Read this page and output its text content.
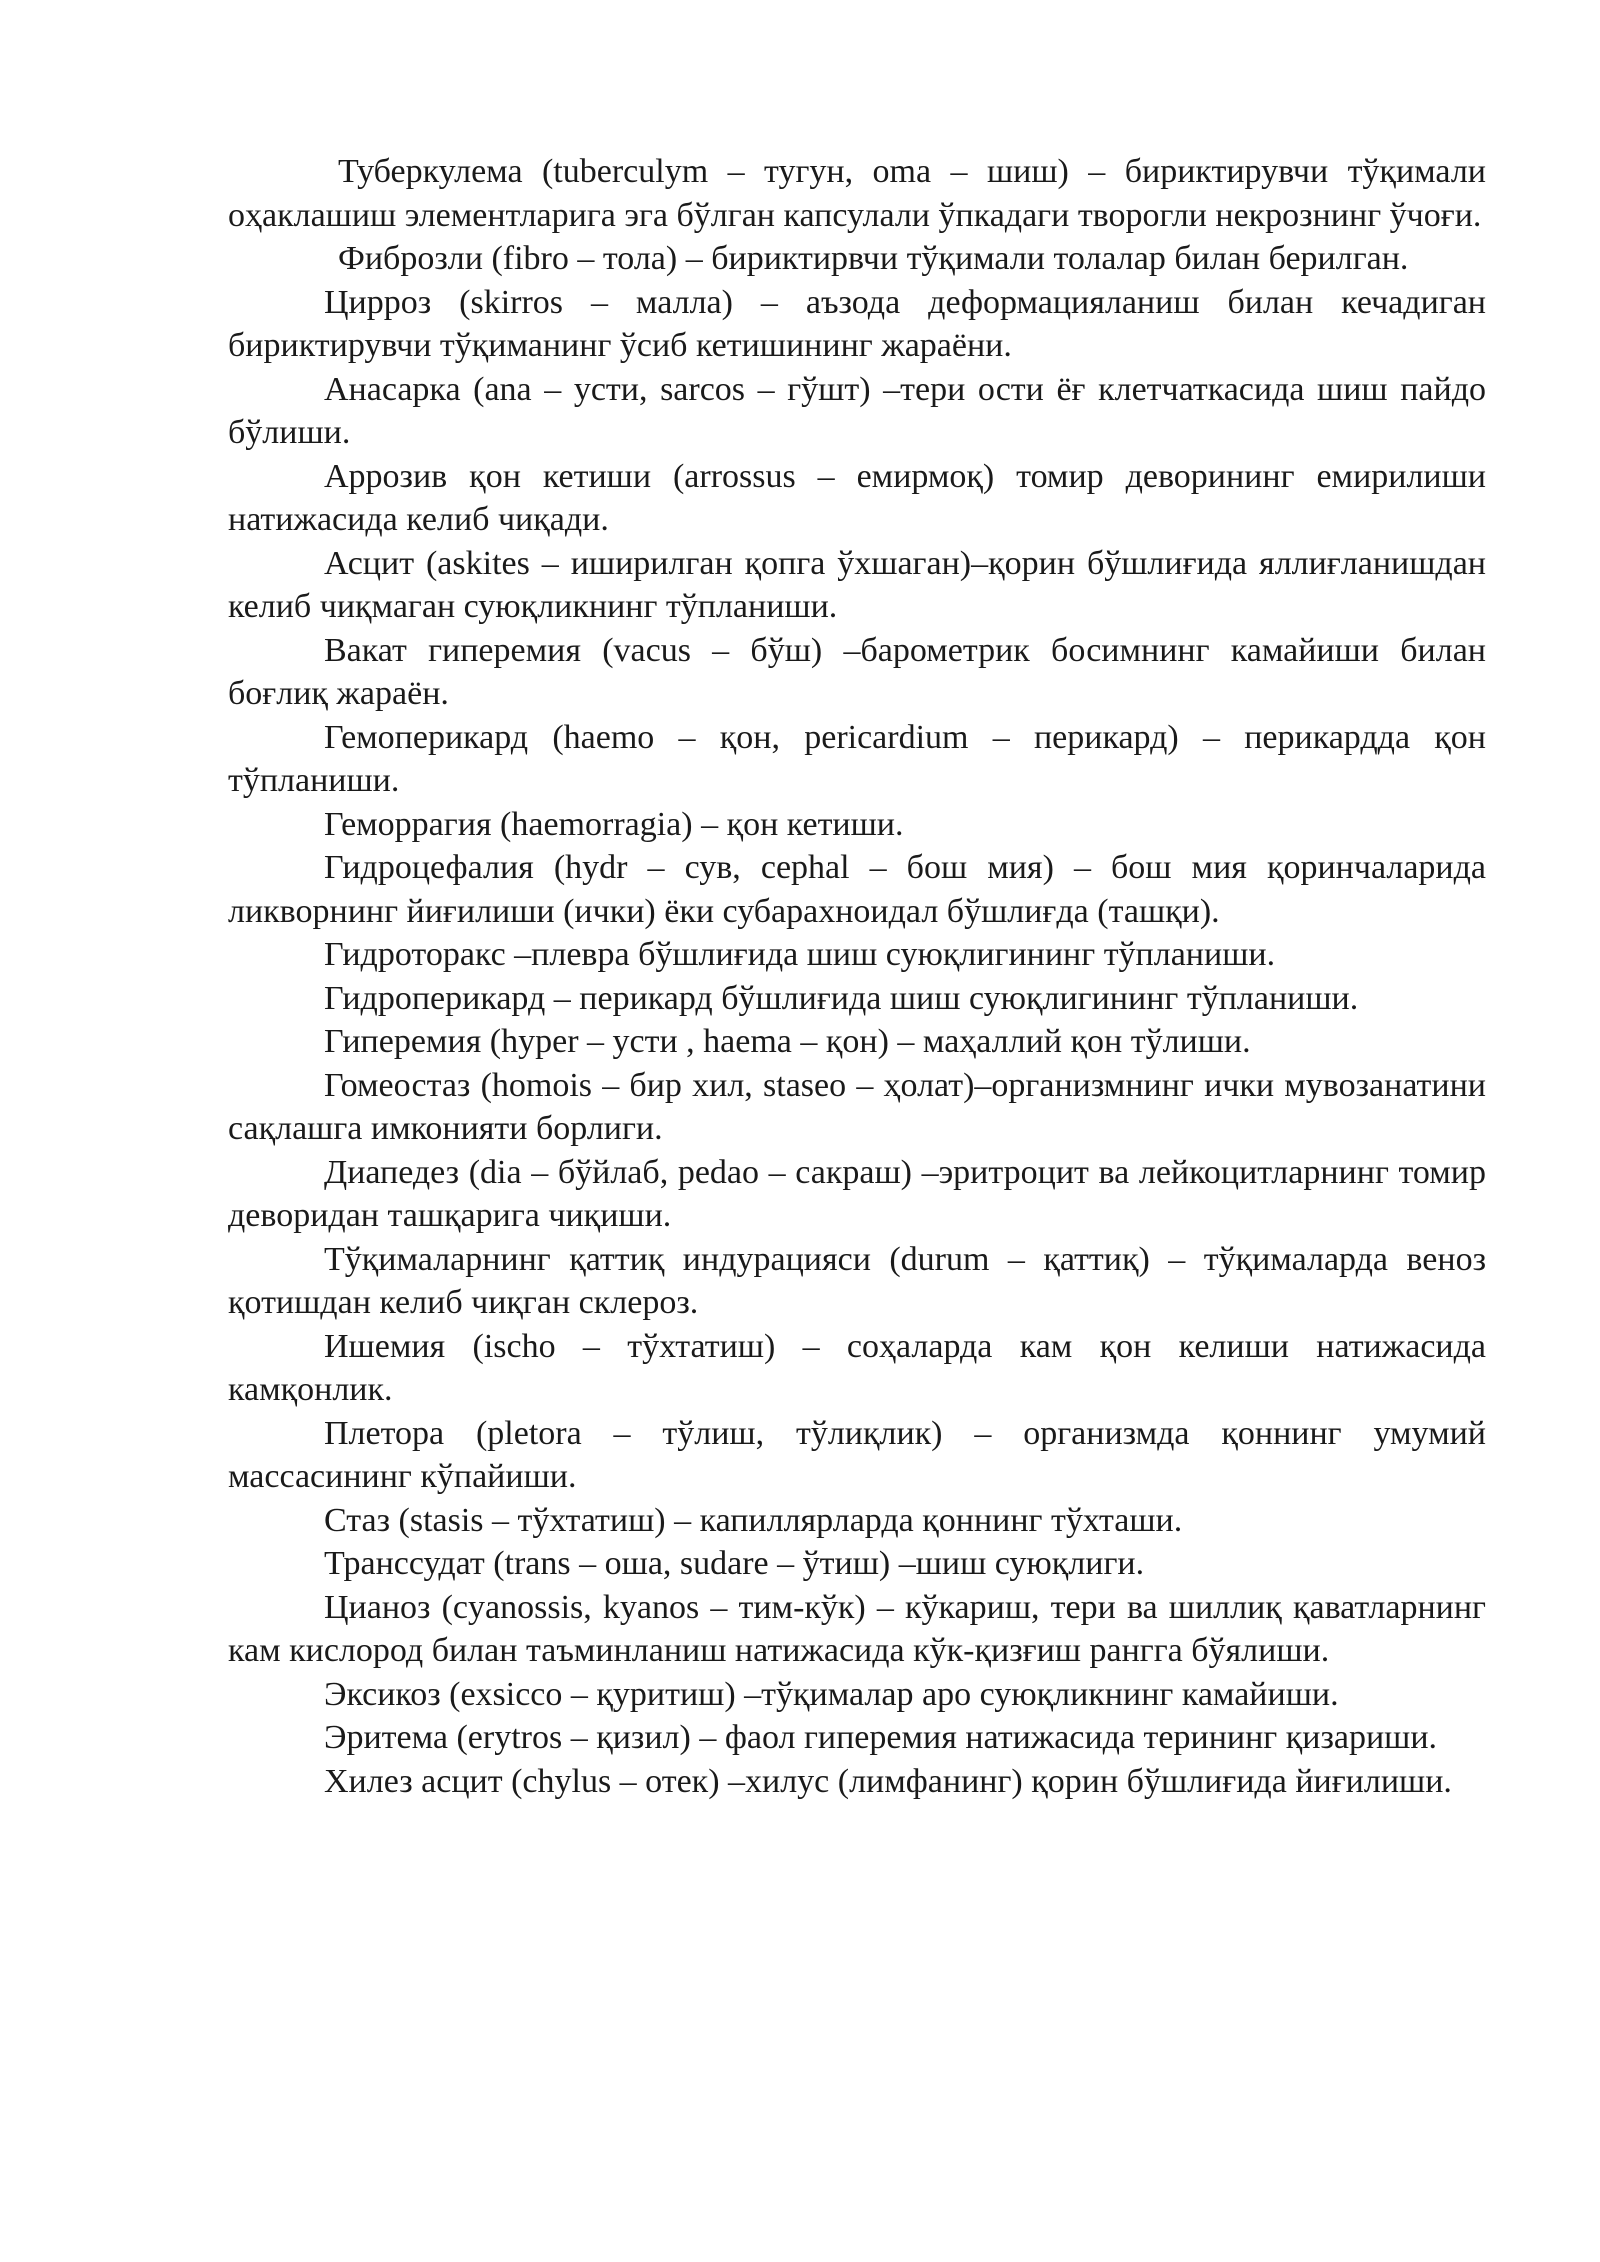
Туберкулема (tuberculym – тугун, oma – шиш) – бириктирувчи тўқимали оҳаклашиш элементларига эга бўлган капсулали ўпкадаги творогли некрознинг ўчоғи.

Фиброзли (fibro – тола) – бириктирвчи тўқимали толалар билан берилган.

Цирроз (skirros – малла) – аъзода деформацияланиш билан кечадиган бириктирувчи тўқиманинг ўсиб кетишининг жараёни.

Анасарка (ana – усти, sarcos – гўшт) –тери ости ёғ клетчаткасида шиш пайдо бўлиши.

Аррозив қон кетиши (arrossus – емирмоқ) томир деворининг емирилиши натижасида келиб чиқади.

Асцит (askites – иширилган қопга ўхшаган)–қорин бўшлиғида яллиғланишдан келиб чиқмаган суюқликнинг тўпланиши.

Вакат гиперемия (vacus – бўш) –барометрик босимнинг камайиши билан боғлиқ жараён.

Гемоперикард (haemo – қон, pericardium – перикард) – перикардда қон тўпланиши.

Геморрагия (haemorragia) – қон кетиши.

Гидроцефалия (hydr – сув, cephal – бош мия) – бош мия қоринчаларида ликворнинг йиғилиши (ички) ёки субарахноидал бўшлиғда (ташқи).

Гидроторакс –плевра бўшлиғида шиш суюқлигининг тўпланиши.

Гидроперикард – перикард бўшлиғида шиш суюқлигининг тўпланиши.

Гиперемия (hyper – усти , haema – қон) – маҳаллий қон тўлиши.

Гомеостаз (homois – бир хил, staseo – ҳолат)–организмнинг ички мувозанатини сақлашга имконияти борлиги.

Диапедез (dia – бўйлаб, pedao – сакраш) –эритроцит ва лейкоцитларнинг томир деворидан ташқарига чиқиши.

Тўқималарнинг қаттиқ индурацияси (durum – қаттиқ) – тўқималарда веноз қотишдан келиб чиқган склероз.

Ишемия (ischo – тўхтатиш) – соҳаларда кам қон келиши натижасида камқонлик.

Плетора (pletora – тўлиш, тўлиқлик) – организмда қоннинг умумий массасининг кўпайиши.

Стаз (stasis – тўхтатиш) – капиллярларда қоннинг тўхташи.

Транссудат (trans – оша, sudare – ўтиш) –шиш суюқлиги.

Цианоз (cyanossis, kyanos – тим-кўк) – кўкариш, тери ва шиллиқ қаватларнинг кам кислород билан таъминланиш натижасида кўк-қизғиш рангга бўялиши.

Эксикоз (exsicco – қуритиш) –тўқималар аро суюқликнинг камайиши.

Эритема (erytros – қизил) – фаол гиперемия натижасида терининг қизариши.

Хилез асцит (chylus – отек) –хилус (лимфанинг) қорин бўшлиғида йиғилиши.
